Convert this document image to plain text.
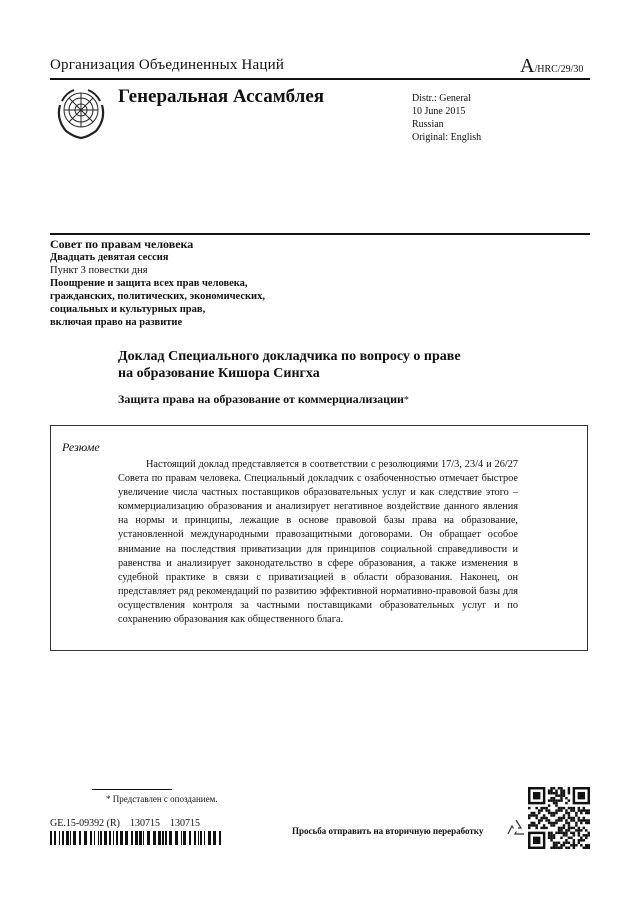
Организация Объединенных Наций	A/HRC/29/30
Генеральная Ассамблея	Distr.: General
10 June 2015
Russian
Original: English
Совет по правам человека
Двадцать девятая сессия
Пункт 3 повестки дня
Поощрение и защита всех прав человека,
гражданских, политических, экономических,
социальных и культурных прав,
включая право на развитие
Доклад Специального докладчика по вопросу о праве
на образование Кишора Сингха
Защита права на образование от коммерциализации*
Резюме
Настоящий доклад представляется в соответствии с резолюциями 17/3, 23/4 и 26/27 Совета по правам человека. Специальный докладчик с озабоченностью отмечает быстрое увеличение числа частных поставщиков образовательных услуг и как следствие этого – коммерциализацию образования и анализирует негативное воздействие данного явления на нормы и принципы, лежащие в основе правовой базы права на образование, установленной международными правозащитными договорами. Он обращает особое внимание на последствия приватизации для принципов социальной справедливости и равенства и анализирует законодательство в сфере образования, а также изменения в судебной практике в связи с приватизацией в области образования. Наконец, он представляет ряд рекомендаций по развитию эффективной нормативно-правовой базы для осуществления контроля за частными поставщиками образовательных услуг и по сохранению образования как общественного блага.
* Представлен с опозданием.
GE.15-09392 (R)    130715    130715
Просьба отправить на вторичную переработку
